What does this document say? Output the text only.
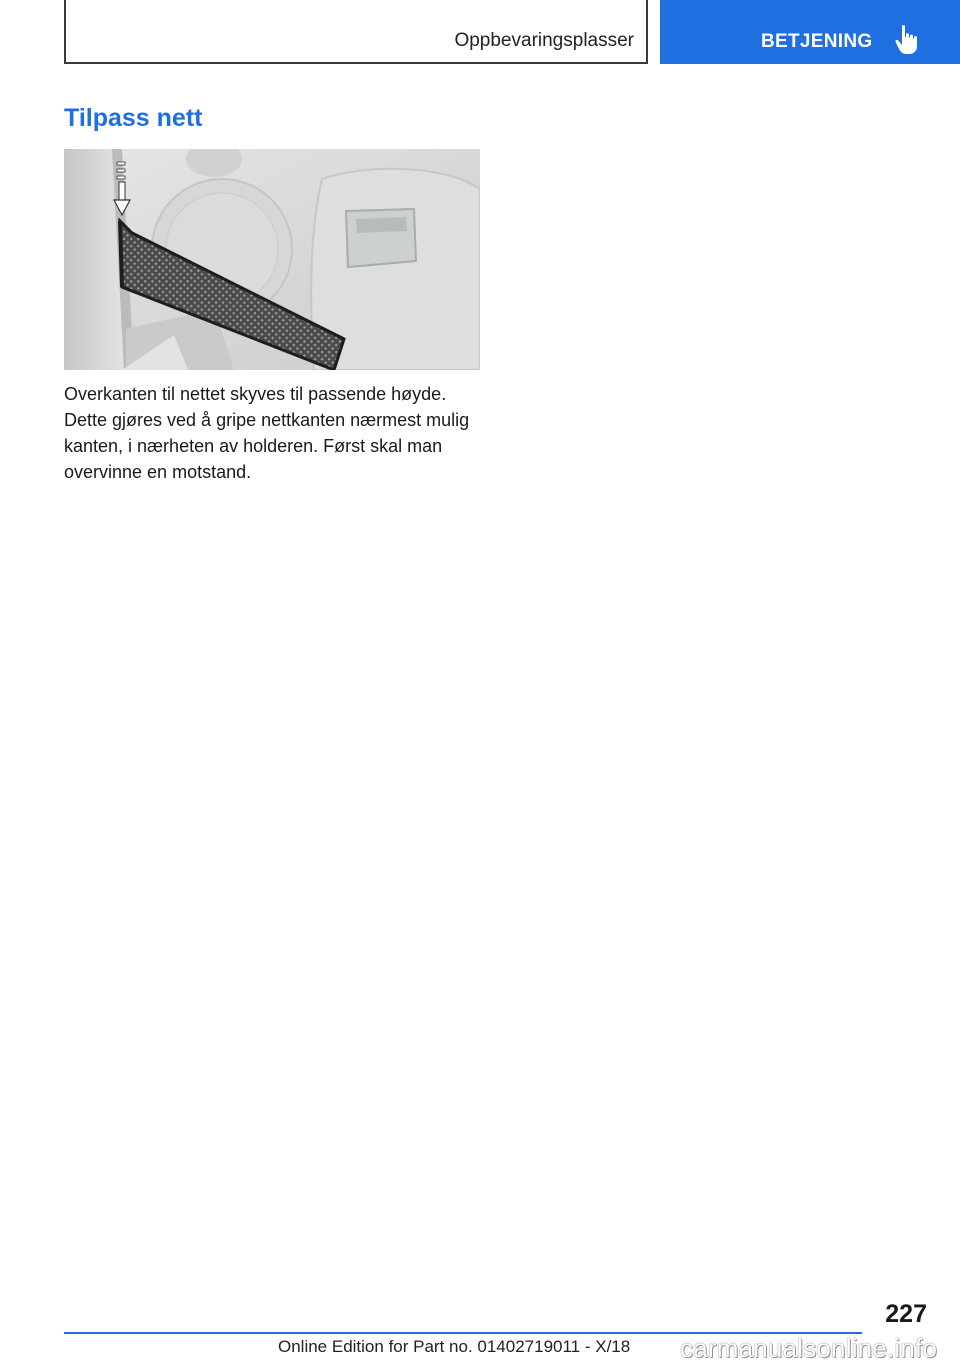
Oppbevaringsplasser	BETJENING
Tilpass nett

Overkanten til nettet skyves til passende høyde. Dette gjøres ved å gripe nettkanten nærmest mulig kanten, i nærheten av holderen. Først skal man overvinne en motstand.

227
Online Edition for Part no. 01402719011 - X/18 carmanualsonline.info
